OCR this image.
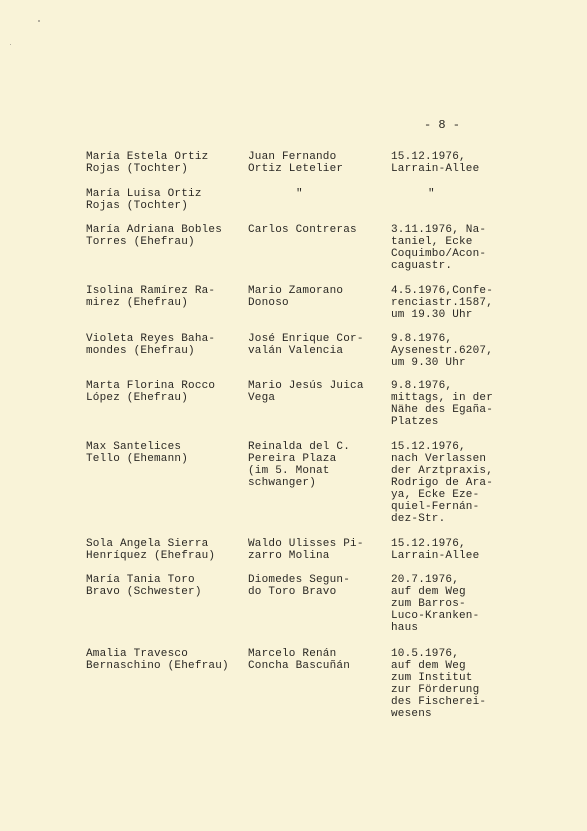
- 8 -
María Estela Ortiz
Rojas (Tochter)
Juan Fernando
Ortiz Letelier
15.12.1976,
Larrain-Allee
María Luisa Ortiz
Rojas (Tochter)
"	"
María Adriana Bobles
Torres (Ehefrau)
Carlos Contreras	3.11.1976, Na-
taniel, Ecke
Coquimbo/Acon-
caguastr.
Isolina Ramírez Ra-
mirez (Ehefrau)
Mario Zamorano
Donoso
4.5.1976,Confe-
renciastr.1587,
um 19.30 Uhr
Violeta Reyes Baha-
mondes (Ehefrau)
José Enrique Cor-
valán Valencia
9.8.1976,
Aysenestr.6207,
um 9.30 Uhr
Marta Florina Rocco
López (Ehefrau)
Mario Jesús Juica
Vega
9.8.1976,
mittags, in der
Nähe des Egaña-
Platzes
Max Santelices
Tello (Ehemann)
Reinalda del C.
Pereira Plaza
(im 5. Monat
schwanger)
15.12.1976,
nach Verlassen
der Arztpraxis,
Rodrigo de Ara-
ya, Ecke Eze-
quiel-Fernán-
dez-Str.
Sola Angela Sierra
Henríquez (Ehefrau)
Waldo Ulisses Pi-
zarro Molina
15.12.1976,
Larrain-Allee
María Tania Toro
Bravo (Schwester)
Diomedes Segun-
do Toro Bravo
20.7.1976,
auf dem Weg
zum Barros-
Luco-Kranken-
haus
Amalia Travesco
Bernaschino (Ehefrau)
Marcelo Renán
Concha Bascuñán
10.5.1976,
auf dem Weg
zum Institut
zur Förderung
des Fischerei-
wesens
